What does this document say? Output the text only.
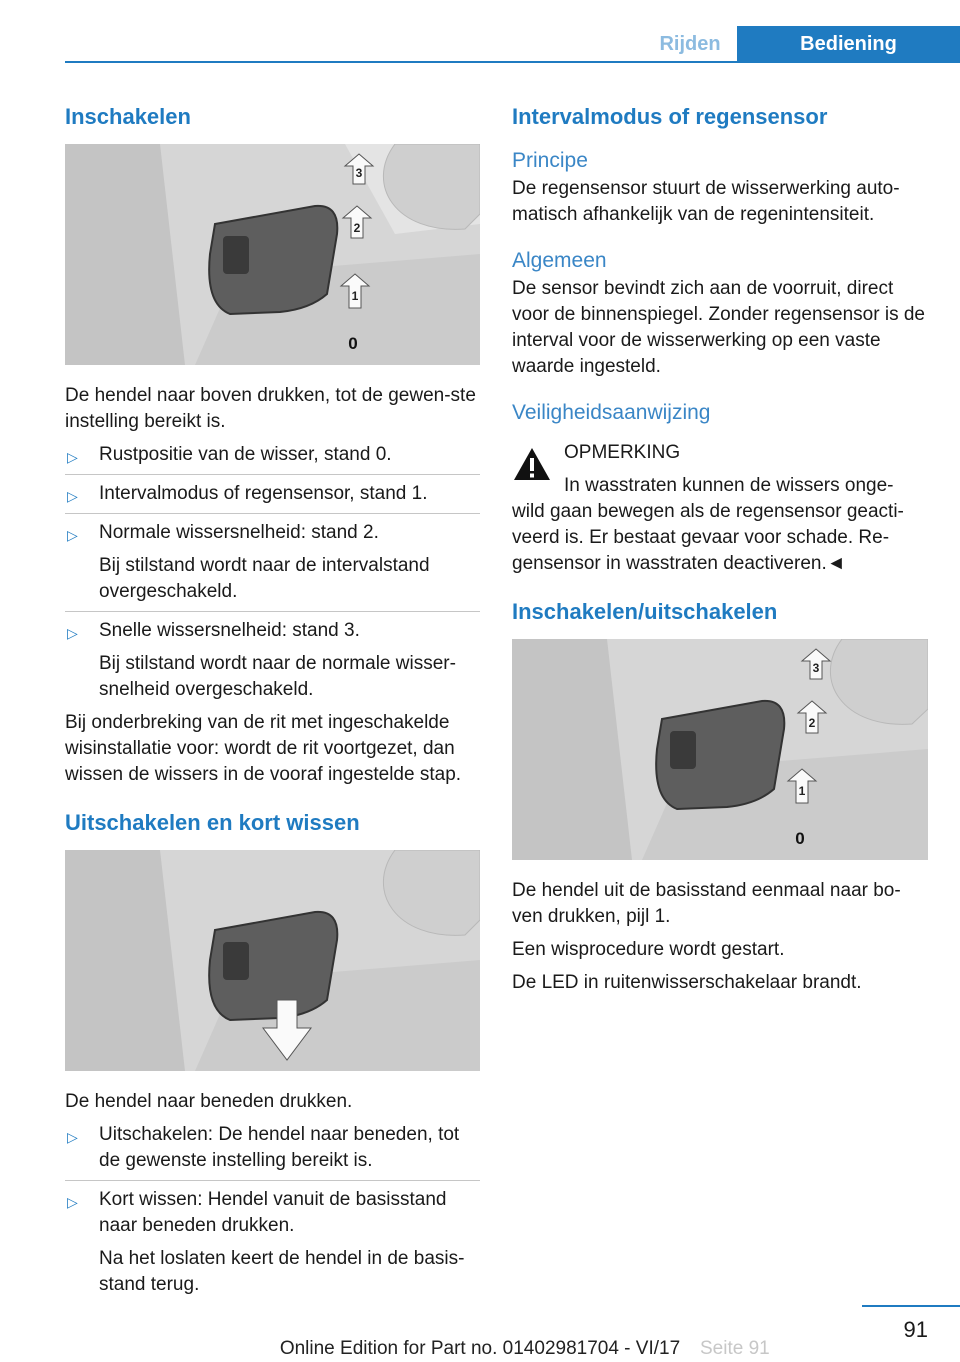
Rijden	Bediening
Inschakelen
3
2
1
0

De hendel naar boven drukken, tot de gewen-ste instelling bereikt is.

▷ Rustpositie van de wisser, stand 0.

▷ Intervalmodus of regensensor, stand 1.

▷ Normale wissersnelheid: stand 2.

Bij stilstand wordt naar de intervalstand overgeschakeld.

▷ Snelle wissersnelheid: stand 3.

Bij stilstand wordt naar de normale wisser-snelheid overgeschakeld.

Bij onderbreking van de rit met ingeschakelde wisinstallatie voor: wordt de rit voortgezet, dan wissen de wissers in de vooraf ingestelde stap.

Uitschakelen en kort wissen

De hendel naar beneden drukken.

▷ Uitschakelen: De hendel naar beneden, tot de gewenste instelling bereikt is.

▷ Kort wissen: Hendel vanuit de basisstand naar beneden drukken.

Na het loslaten keert de hendel in de basis-stand terug.

Intervalmodus of regensensor
Principe

De regensensor stuurt de wisserwerking auto-matisch afhankelijk van de regenintensiteit.

Algemeen

De sensor bevindt zich aan de voorruit, direct voor de binnenspiegel. Zonder regensensor is de interval voor de wisserwerking op een vaste waarde ingesteld.

Veiligheidsaanwijzing

OPMERKING

In wasstraten kunnen de wissers onge-

wild gaan bewegen als de regensensor geacti-veerd is. Er bestaat gevaar voor schade. Re-gensensor in wasstraten deactiveren.◄

Inschakelen/uitschakelen
3
2
1
0

De hendel uit de basisstand eenmaal naar bo-ven drukken, pijl 1.

Een wisprocedure wordt gestart.

De LED in ruitenwisserschakelaar brandt.

91
Seite 91
Online Edition for Part no. 01402981704 - VI/17
